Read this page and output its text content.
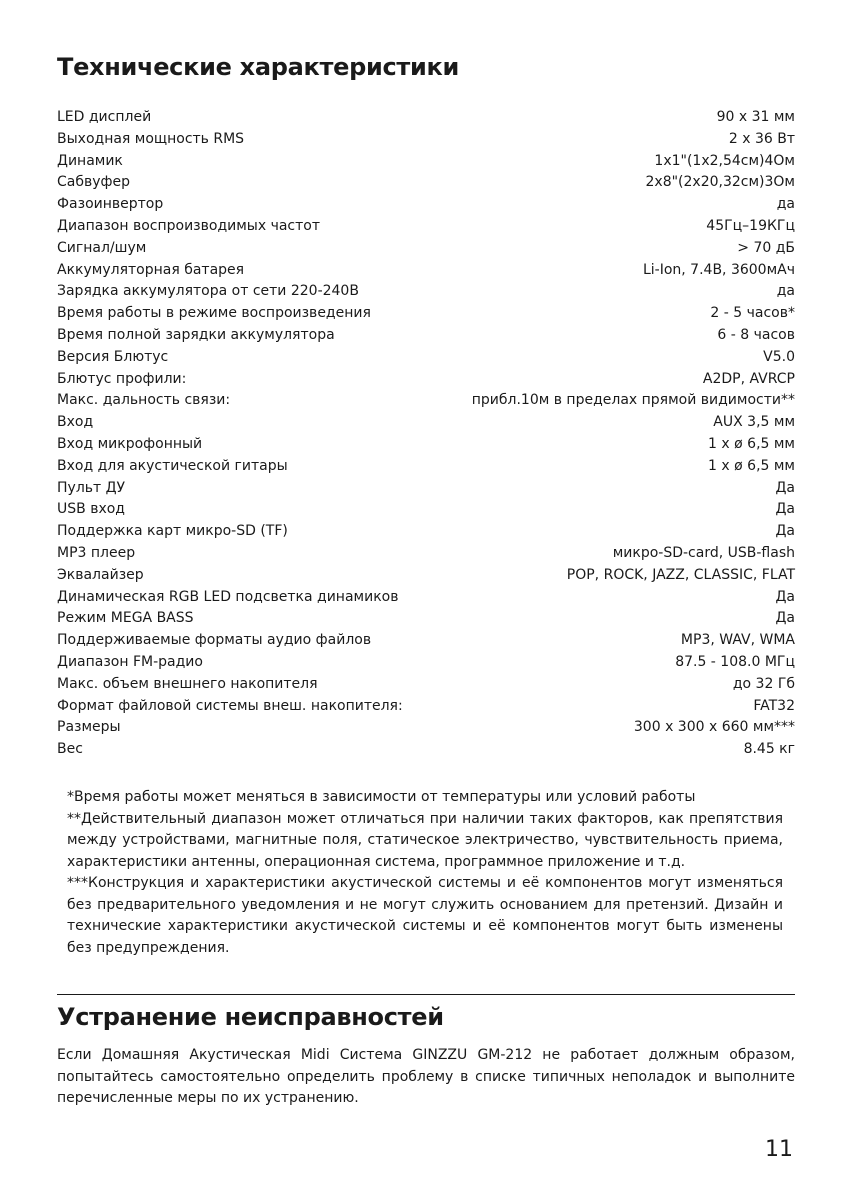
Технические характеристики
LED дисплей	90 х 31 мм
Выходная мощность RMS	2 х 36 Вт
Динамик	1х1"(1х2,54см)4Ом
Сабвуфер	2х8"(2х20,32см)3Ом
Фазоинвертор	да
Диапазон воспроизводимых частот	45Гц–19КГц
Сигнал/шум	> 70 дБ
Аккумуляторная батарея	Li-Ion, 7.4В, 3600мАч
Зарядка аккумулятора от сети 220-240В	да
Время работы в режиме воспроизведения	2 - 5 часов*
Время полной зарядки аккумулятора	6 - 8 часов
Версия Блютус	V5.0
Блютус профили:	A2DP, AVRCP
Макс. дальность связи:	прибл.10м в пределах прямой видимости**
Вход	AUX 3,5 мм
Вход микрофонный	1 х ø 6,5 мм
Вход для акустической гитары	1 х ø 6,5 мм
Пульт ДУ	Да
USB вход	Да
Поддержка карт микро-SD (TF)	Да
MP3 плеер	микро-SD-card, USB-flash
Эквалайзер	POP, ROCK, JAZZ, CLASSIC, FLAT
Динамическая RGB LED подсветка динамиков	Да
Режим MEGA BASS	Да
Поддерживаемые форматы аудио файлов	MP3, WAV, WMA
Диапазон FM-радио	87.5 - 108.0 МГц
Макс. объем внешнего накопителя	до 32 Гб
Формат файловой системы внеш. накопителя:	FAT32
Размеры	300 х 300 х 660 мм***
Вес	8.45 кг

*Время работы может меняться в зависимости от температуры или условий работы

**Действительный диапазон может отличаться при наличии таких факторов, как препятствия между устройствами, магнитные поля, статическое электричество, чувствительность приема, характеристики антенны, операционная система, программное приложение и т.д.

***Конструкция и характеристики акустической системы и её компонентов могут изменяться без предварительного уведомления и не могут служить основанием для претензий. Дизайн и технические характеристики акустической системы и её компонентов могут быть изменены без предупреждения.

Устранение неисправностей

Если Домашняя Акустическая Midi Система GINZZU GM-212 не работает должным образом, попытайтесь самостоятельно определить проблему в списке типичных неполадок и выполните перечисленные меры по их устранению.

11
